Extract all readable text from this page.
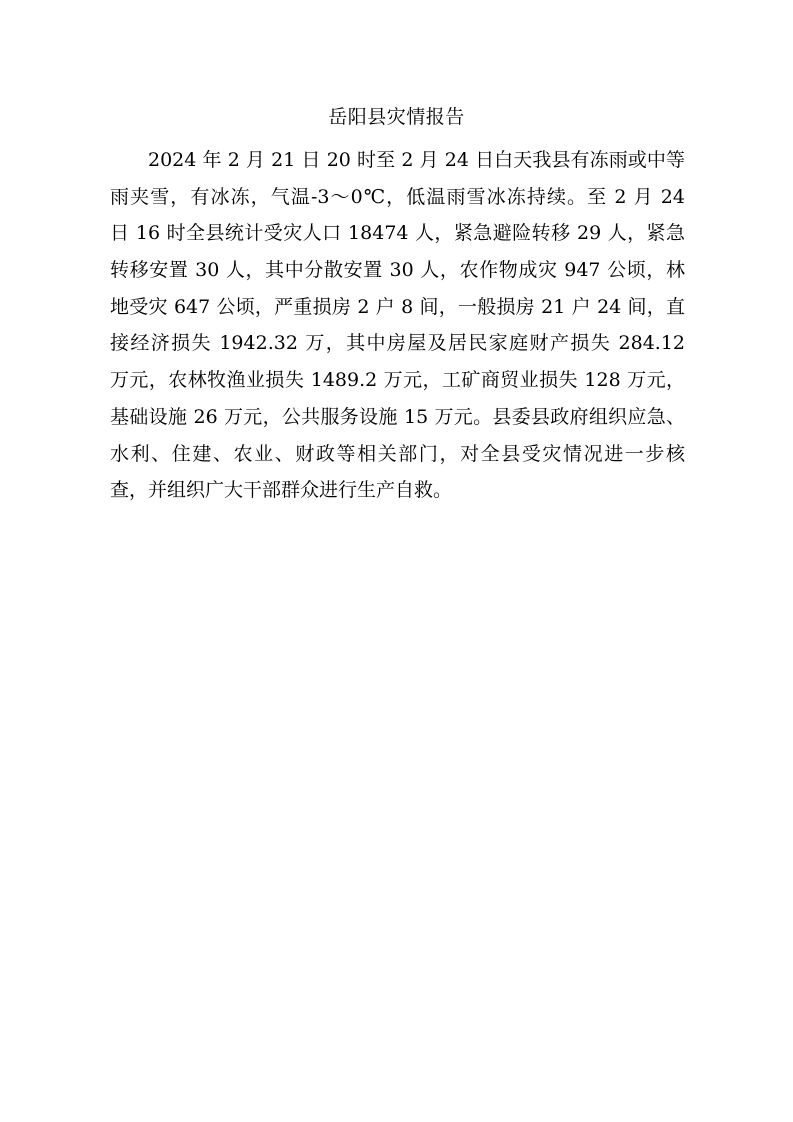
岳阳县灾情报告
2024 年 2 月 21 日 20 时至 2 月 24 日白天我县有冻雨或中等
雨夹雪，有冰冻，气温-3～0℃，低温雨雪冰冻持续。至 2 月 24
日 16 时全县统计受灾人口 18474 人，紧急避险转移 29 人，紧急
转移安置 30 人，其中分散安置 30 人，农作物成灾 947 公顷，林
地受灾 647 公顷，严重损房 2 户 8 间，一般损房 21 户 24 间，直
接经济损失 1942.32 万，其中房屋及居民家庭财产损失 284.12
万元，农林牧渔业损失 1489.2 万元，工矿商贸业损失 128 万元，
基础设施 26 万元，公共服务设施 15 万元。县委县政府组织应急、
水利、住建、农业、财政等相关部门，对全县受灾情况进一步核
查，并组织广大干部群众进行生产自救。
